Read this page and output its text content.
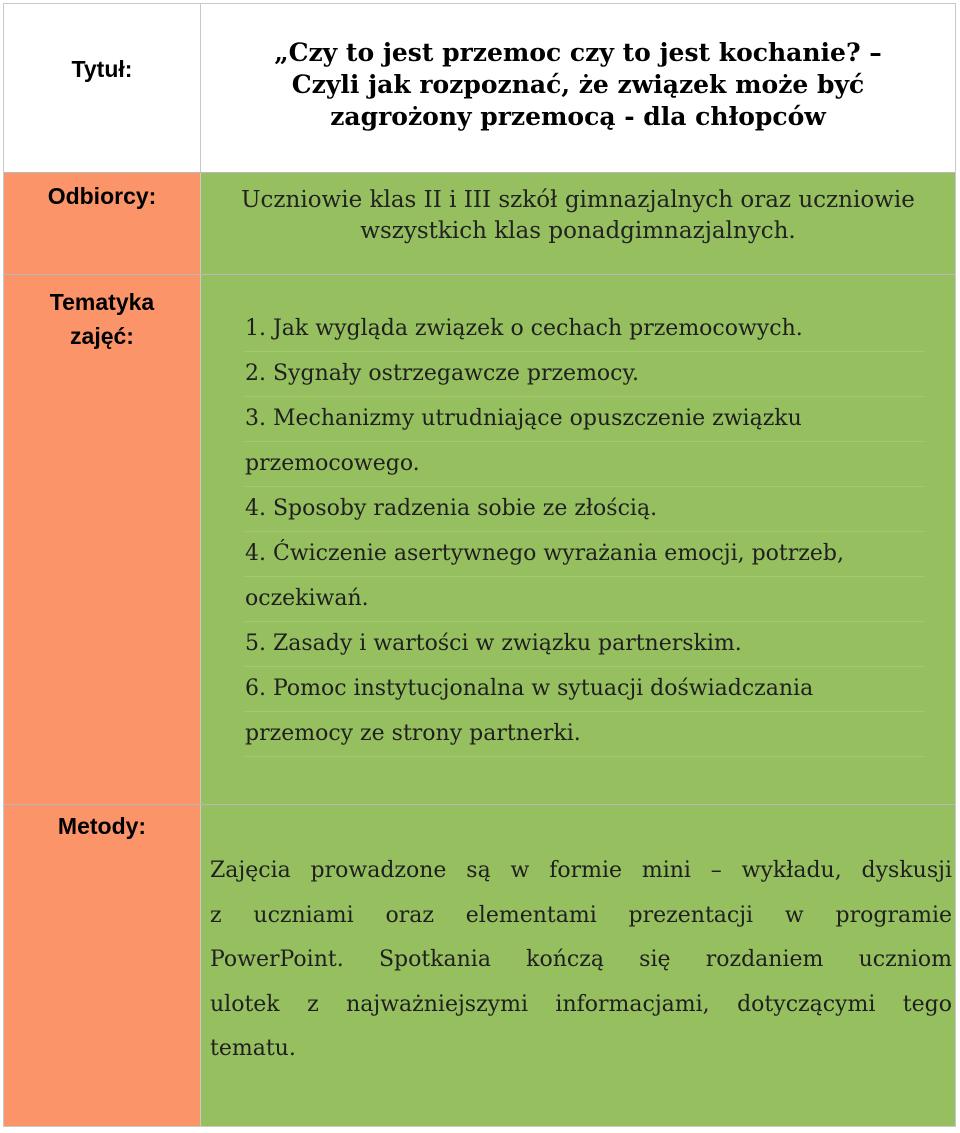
Tytuł:
„Czy to jest przemoc czy to jest kochanie? –
Czyli jak rozpoznać, że związek może być
zagrożony przemocą - dla chłopców
Odbiorcy:	Uczniowie klas II i III szkół gimnazjalnych oraz uczniowie
wszystkich klas ponadgimnazjalnych.
Tematyka
zajęć:	1. Jak wygląda związek o cechach przemocowych.
2. Sygnały ostrzegawcze przemocy.
3. Mechanizmy utrudniające opuszczenie związku
przemocowego.
4. Sposoby radzenia sobie ze złością.
4. Ćwiczenie asertywnego wyrażania emocji, potrzeb,
oczekiwań.
5. Zasady i wartości w związku partnerskim.
6. Pomoc instytucjonalna w sytuacji doświadczania
przemocy ze strony partnerki.
Metody:
Zajęcia prowadzone są w formie mini – wykładu, dyskusji
z uczniami oraz elementami prezentacji w programie
PowerPoint. Spotkania kończą się rozdaniem uczniom
ulotek z najważniejszymi informacjami, dotyczącymi tego
tematu.
